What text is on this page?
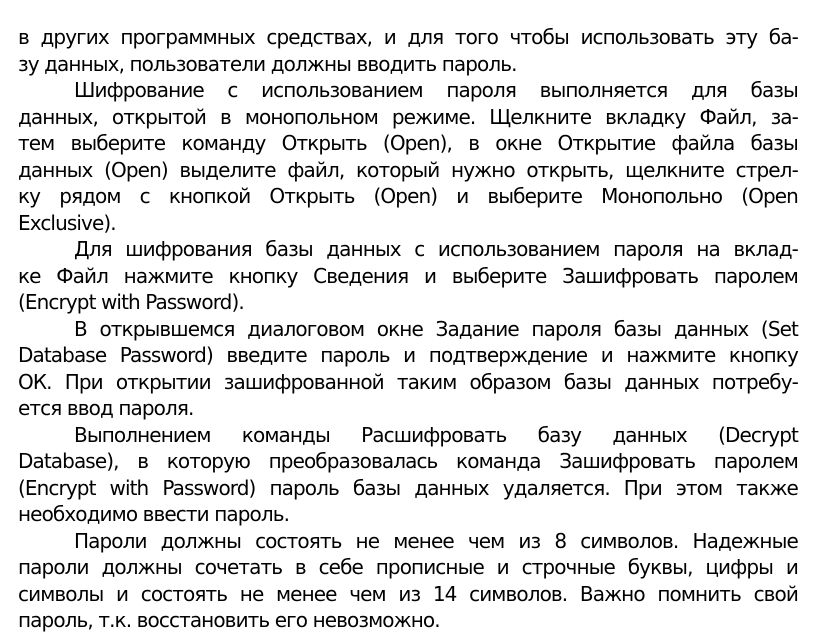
в других программных средствах, и для того чтобы использовать эту ба-
зу данных, пользователи должны вводить пароль.

Шифрование с использованием пароля выполняется для базы
данных, открытой в монопольном режиме. Щелкните вкладку Файл, за-
тем выберите команду Открыть (Open), в окне Открытие файла базы
данных (Open) выделите файл, который нужно открыть, щелкните стрел-
ку рядом с кнопкой Открыть (Open) и выберите Монопольно (Open
Exclusive).

Для шифрования базы данных с использованием пароля на вклад-
ке Файл нажмите кнопку Сведения и выберите Зашифровать паролем
(Encrypt with Password).

В открывшемся диалоговом окне Задание пароля базы данных (Set
Database Password) введите пароль и подтверждение и нажмите кнопку
ОК. При открытии зашифрованной таким образом базы данных потребу-
ется ввод пароля.

Выполнением команды Расшифровать базу данных (Decrypt
Database), в которую преобразовалась команда Зашифровать паролем
(Encrypt with Password) пароль базы данных удаляется. При этом также
необходимо ввести пароль.

Пароли должны состоять не менее чем из 8 символов. Надежные
пароли должны сочетать в себе прописные и строчные буквы, цифры и
символы и состоять не менее чем из 14 символов. Важно помнить свой
пароль, т.к. восстановить его невозможно.
